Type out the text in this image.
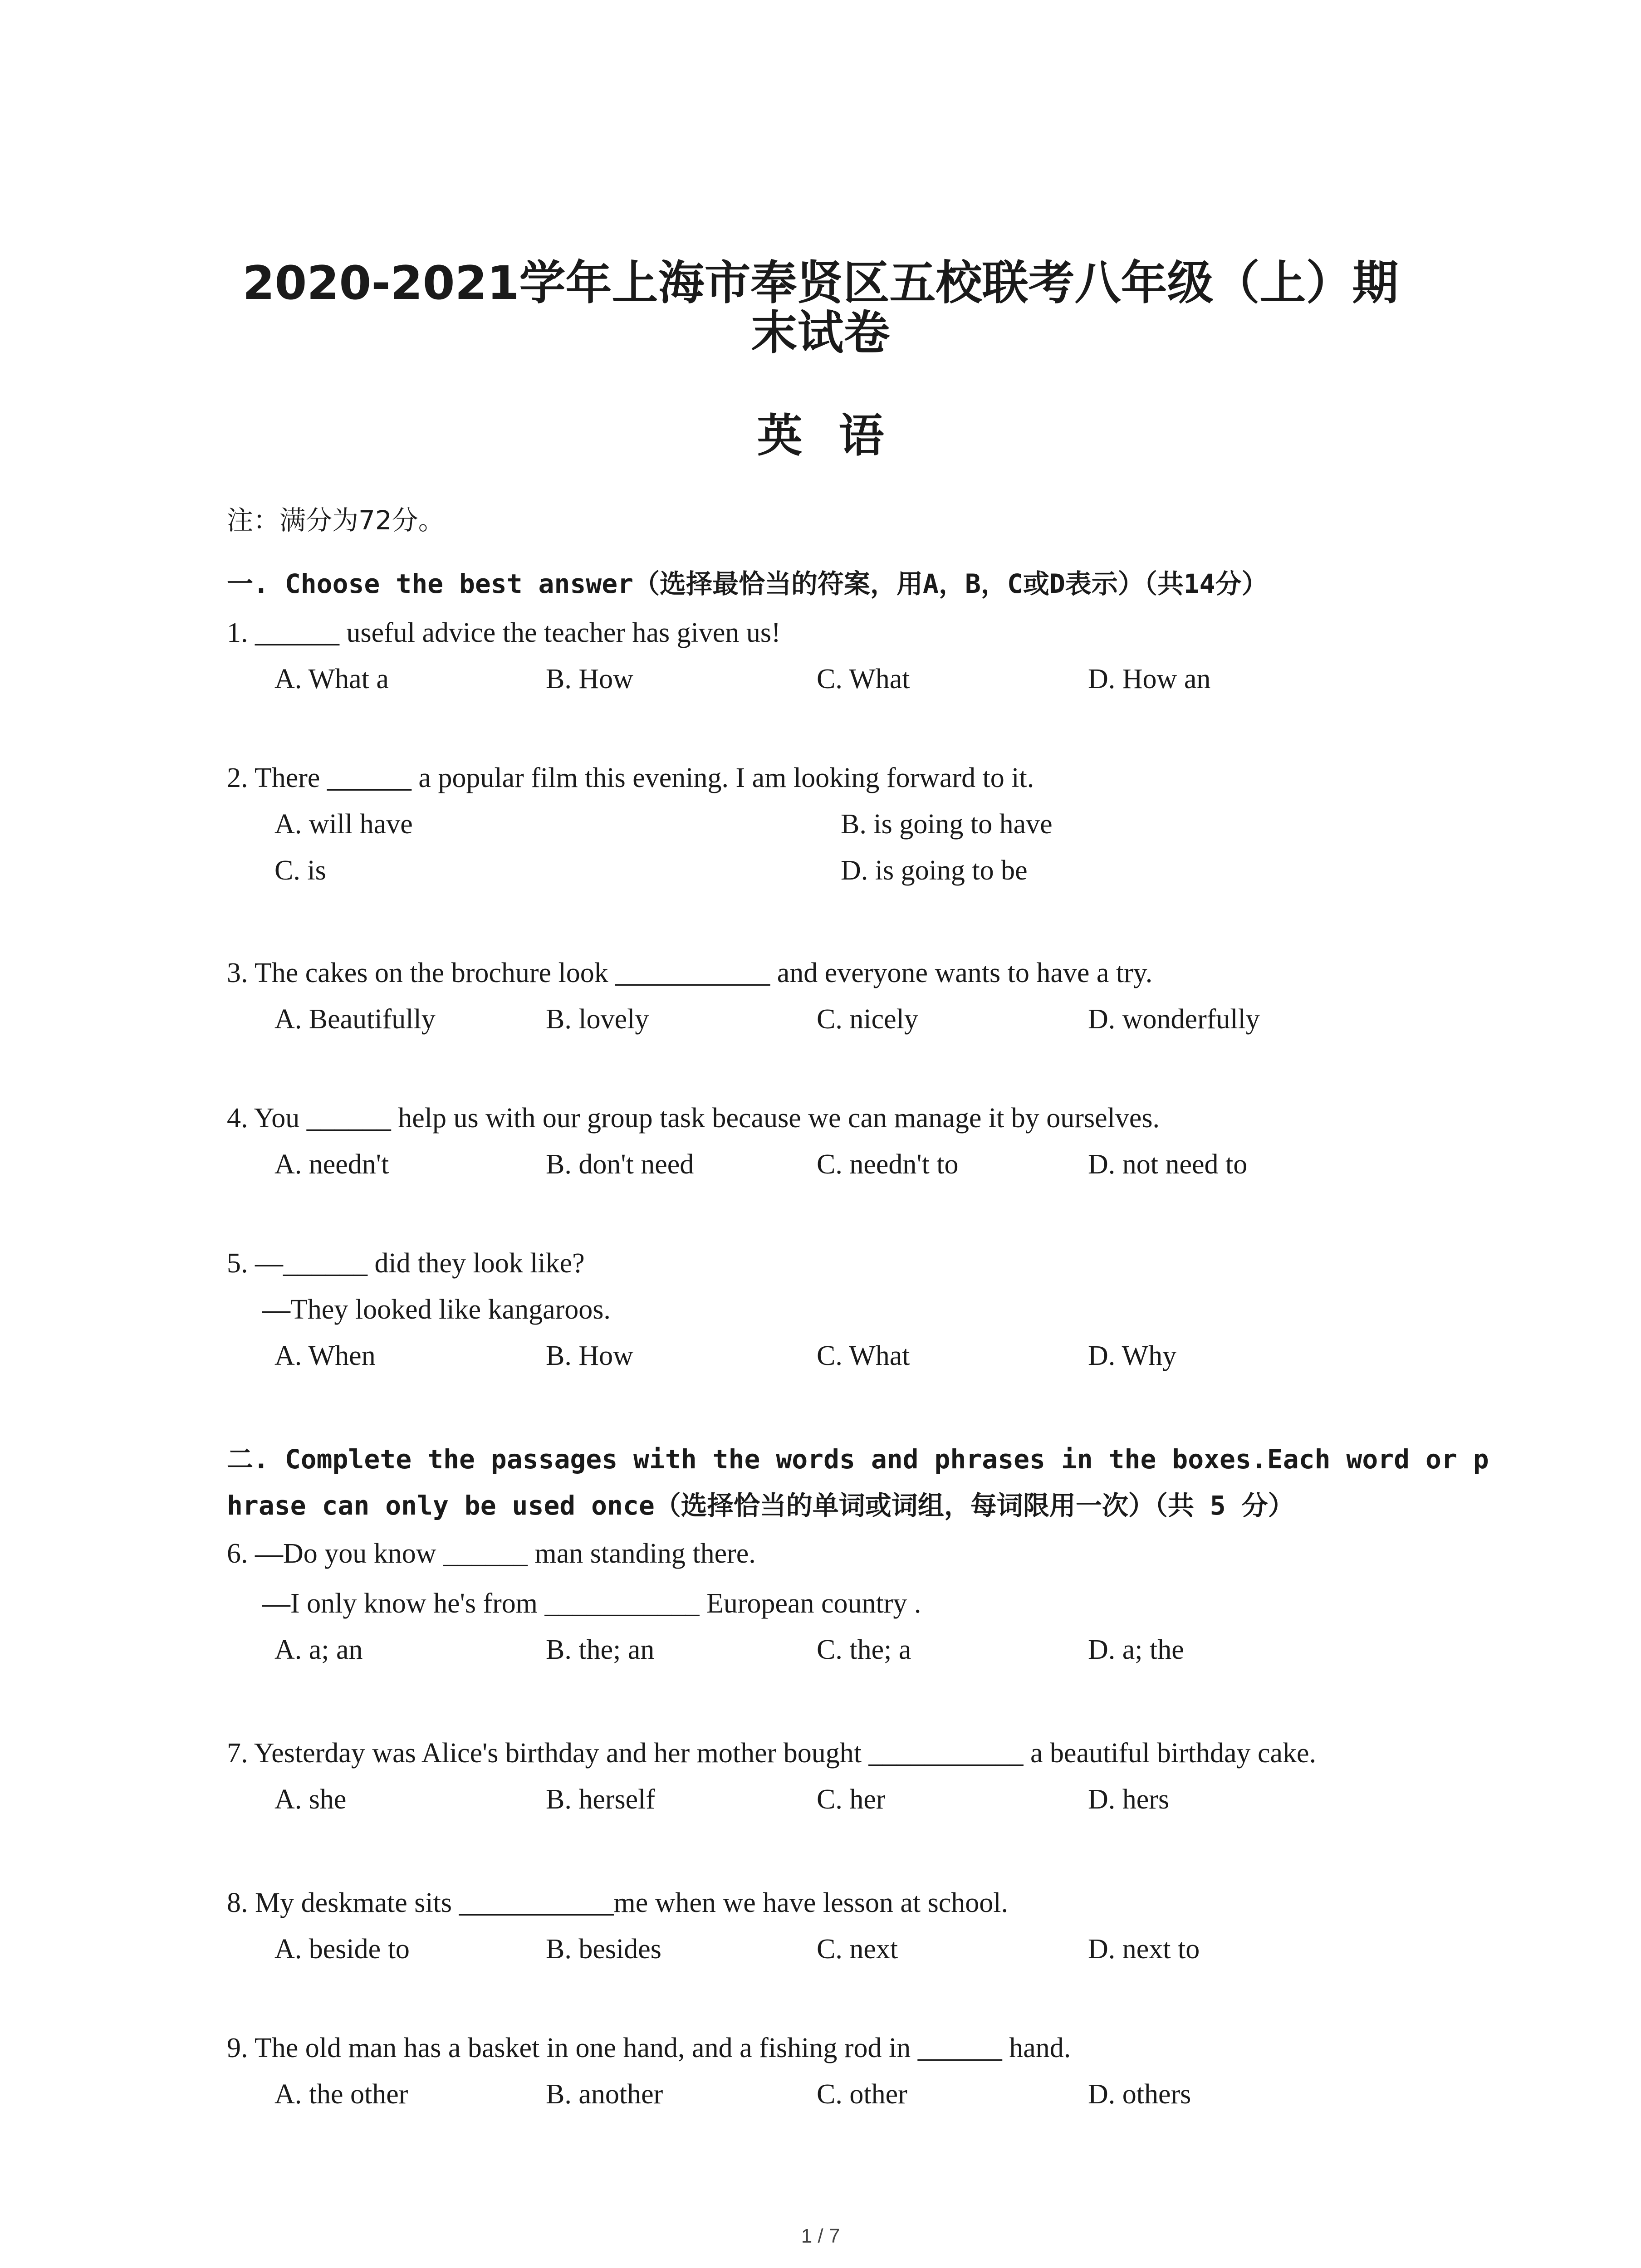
2020-2021学年上海市奉贤区五校联考八年级（上）期
末试卷
英语
注：满分为72分。
一. Choose the best answer（选择最恰当的符案，用A，B，C或D表示）（共14分）
1. ______ useful advice the teacher has given us!
A. What a	B. How	C. What	D. How an
2. There ______ a popular film this evening. I am looking forward to it.
A. will have	B. is going to have
C. is	D. is going to be
3. The cakes on the brochure look ___________ and everyone wants to have a try.
A. Beautifully	B. lovely	C. nicely	D. wonderfully
4. You ______ help us with our group task because we can manage it by ourselves.
A. needn't	B. don't need	C. needn't to	D. not need to
5. —______ did they look like?
—They looked like kangaroos.
A. When	B. How	C. What	D. Why
二. Complete the passages with the words and phrases in the boxes.Each word or p
hrase can only be used once（选择恰当的单词或词组，每词限用一次）（共 5 分）
6. —Do you know ______ man standing there.
—I only know he's from ___________ European country .
A. a; an	B. the; an	C. the; a	D. a; the
7. Yesterday was Alice's birthday and her mother bought ___________ a beautiful birthday cake.
A. she	B. herself	C. her	D. hers
8. My deskmate sits ___________me when we have lesson at school.
A. beside to	B. besides	C. next	D. next to
9. The old man has a basket in one hand, and a fishing rod in ______ hand.
A. the other	B. another	C. other	D. others
1 / 7
